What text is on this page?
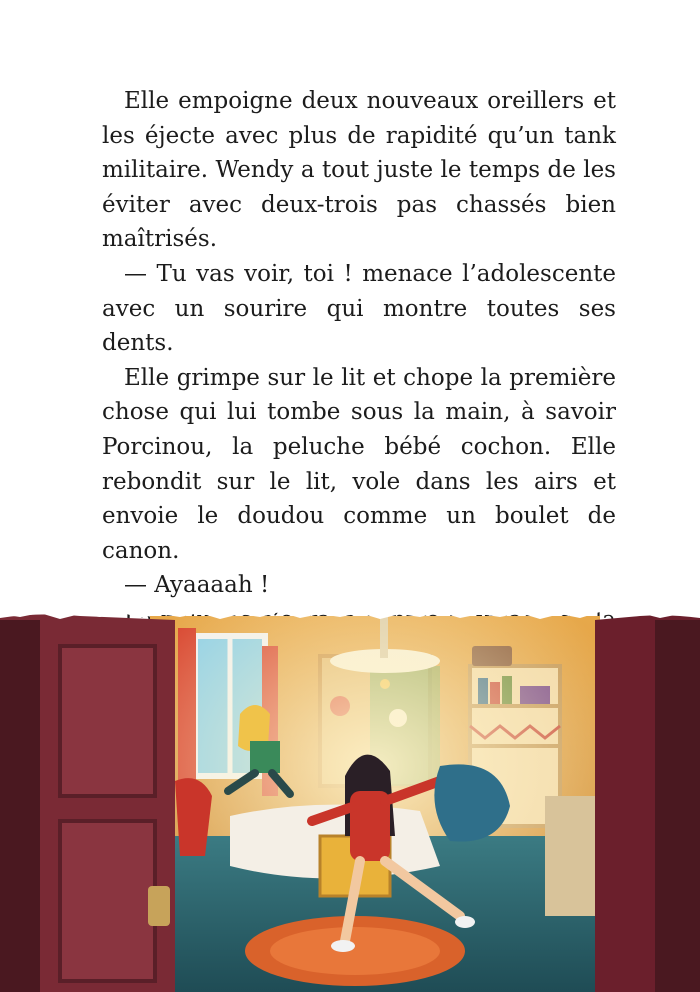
Elle empoigne deux nouveaux oreillers et les éjecte avec plus de rapidité qu’un tank militaire. Wendy a tout juste le temps de les éviter avec deux-trois pas chassés bien maîtrisés.

— Tu vas voir, toi ! menace l’adolescente avec un sourire qui montre toutes ses dents.

Elle grimpe sur le lit et chope la première chose qui lui tombe sous la main, à savoir Porcinou, la peluche bébé cochon. Elle rebondit sur le lit, vole dans les airs et envoie le doudou comme un boulet de canon.

— Ayaaaah !
